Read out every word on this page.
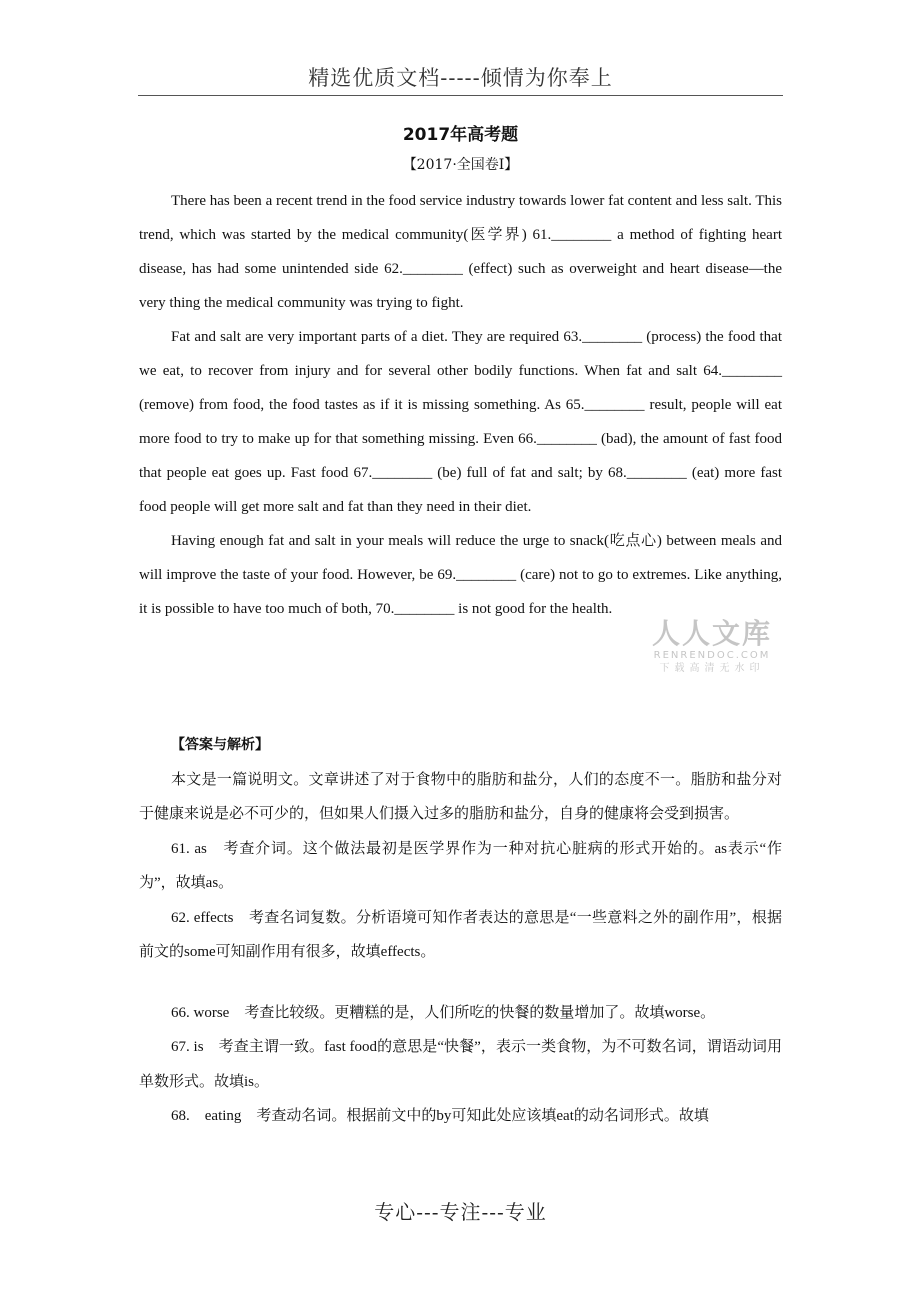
精选优质文档-----倾情为你奉上
2017年高考题
【2017·全国卷Ⅰ】

There has been a recent trend in the food service industry towards lower fat content and less salt. This trend, which was started by the medical community(医学界) 61.________ a method of fighting heart disease, has had some unintended side 62.________ (effect) such as overweight and heart disease—the very thing the medical community was trying to fight.

Fat and salt are very important parts of a diet. They are required 63.________ (process) the food that we eat, to recover from injury and for several other bodily functions. When fat and salt 64.________ (remove) from food, the food tastes as if it is missing something. As 65.________ result, people will eat more food to try to make up for that something missing. Even 66.________ (bad), the amount of fast food that people eat goes up. Fast food 67.________ (be) full of fat and salt; by 68.________ (eat) more fast food people will get more salt and fat than they need in their diet.

Having enough fat and salt in your meals will reduce the urge to snack(吃点心) between meals and will improve the taste of your food. However, be 69.________ (care) not to go to extremes. Like anything, it is possible to have too much of both, 70.________ is not good for the health.

人人文库
RENRENDOC.COM
下载高清无水印

【答案与解析】

本文是一篇说明文。文章讲述了对于食物中的脂肪和盐分，人们的态度不一。脂肪和盐分对于健康来说是必不可少的，但如果人们摄入过多的脂肪和盐分，自身的健康将会受到损害。

61. as　考查介词。这个做法最初是医学界作为一种对抗心脏病的形式开始的。as表示“作为”，故填as。

62. effects　考查名词复数。分析语境可知作者表达的意思是“一些意料之外的副作用”，根据前文的some可知副作用有很多，故填effects。

66. worse　考查比较级。更糟糕的是，人们所吃的快餐的数量增加了。故填worse。

67. is　考查主谓一致。fast food的意思是“快餐”，表示一类食物，为不可数名词，谓语动词用单数形式。故填is。

68.　eating　考查动名词。根据前文中的by可知此处应该填eat的动名词形式。故填

专心---专注---专业
